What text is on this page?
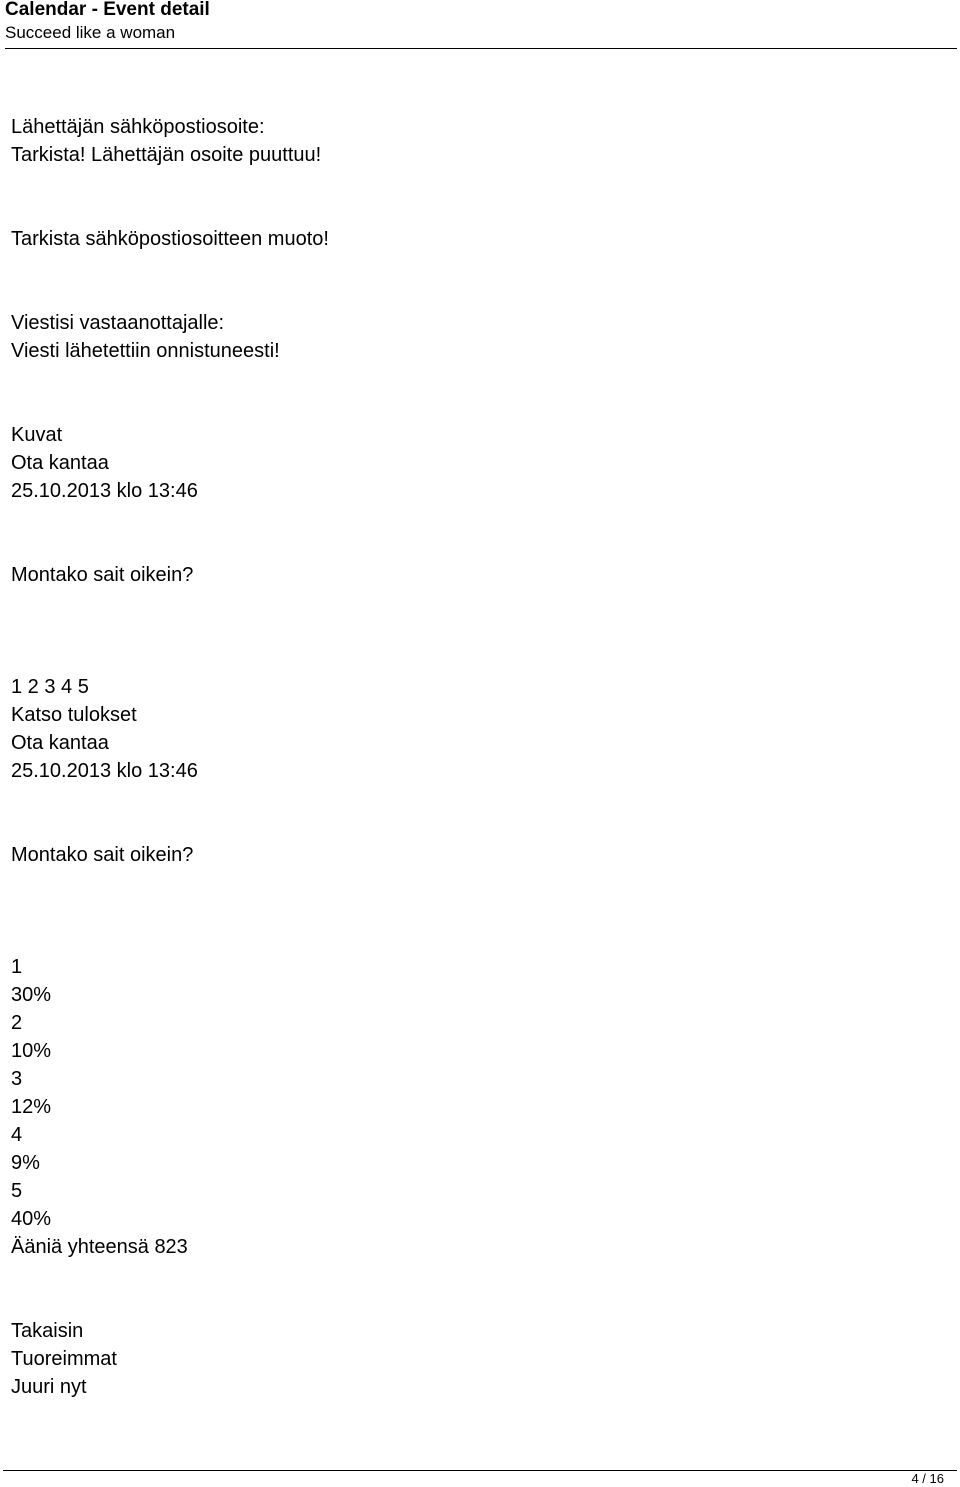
Calendar - Event detail
Succeed like a woman
Lähettäjän sähköpostiosoite:
Tarkista! Lähettäjän osoite puuttuu!
Tarkista sähköpostiosoitteen muoto!
Viestisi vastaanottajalle:
Viesti lähetettiin onnistuneesti!
Kuvat
Ota kantaa
25.10.2013 klo 13:46
Montako sait oikein?
1 2 3 4 5
Katso tulokset
Ota kantaa
25.10.2013 klo 13:46
Montako sait oikein?
1
30%
2
10%
3
12%
4
9%
5
40%
Ääniä yhteensä 823
Takaisin
Tuoreimmat
Juuri nyt
4 / 16
